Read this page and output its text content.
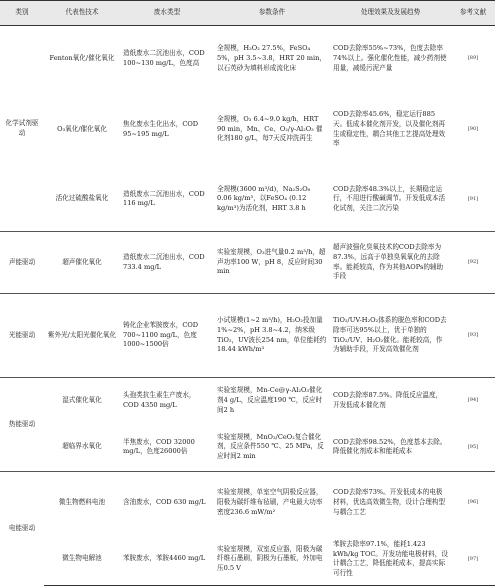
类别	代表性技术	废水类型	参数条件	处理效果及发展趋势	参考文献
化学试剂驱动	Fenton氧化/催化氧化	造纸废水二沉池出水，COD 100~130 mg/L，色度高	全规模，H₂O₂ 27.5%，FeSO₄ 5%，pH 3.5~3.8，HRT 20 min，以石英砂为填料形成流化床	COD去除率55%~73%，色度去除率74%以上。强化催化性能，减少药剂使用量，减缓污泥产量	[89]
	O₃氧化/催化氧化	焦化废水生化出水，COD 95~195 mg/L	全规模，O₃ 6.4~9.0 kg/h，HRT 90 min，Mn、Ce、O₂/γ-Al₂O₃ 催化剂180 g/L，每7天反冲洗再生	COD去除率45.6%，稳定运行885天。低成本催化剂开发，以及催化剂再生或稳定性，耦合其他工艺提高处理效率	[90]
	活化过硫酸盐氧化	造纸废水二沉池出水，COD 116 mg/L	全规模(3600 m³/d)，Na₂S₂O₈ 0.06 kg/m³，以FeSO₄ (0.12 kg/m³)为活化剂，HRT 3.8 h	COD去除率48.3%以上，长期稳定运行，不用进行酸碱调节。开发低成本活化试剂，关注二次污染	[91]
声能驱动	超声催化氧化	造纸废水二沉池出水，COD 733.4 mg/L	实验室规模，O₃进气量0.2 m³/h，超声功率100 W，pH 8，反应时间30 min	超声波强化臭氧技术的COD去除率为87.3%，远高于单独臭氧氧化的去除率。能耗较高，作为其他AOPs的辅助手段	[92]
光能驱动	紫外光/太阳光催化氧化	铸化企业苯胺废水，COD 700~1100 mg/L，色度1000~1500倍	小试规模(1~2 m³/h)，H₂O₂投加量1%~2%，pH 3.8~4.2，纳米级TiO₂，UV波长254 nm，单位能耗约18.44 kWh/m³	TiO₂/UV-H₂O₂体系的脱色率和COD去除率可达95%以上，优于单独的TiO₂/UV、H₂O₂催化。能耗较高，作为辅助手段，开发高效催化剂	[93]
热能驱动	湿式催化氧化	头孢类抗生素生产废水，COD 4350 mg/L	实验室规模，Mn-Ce@γ-Al₂O₃催化剂4 g/L，反应温度190 ℃，反应时间2 h	COD去除率87.5%。降低反应温度，开发低成本催化剂	[94]
	超临界水氧化	半焦废水，COD 32000 mg/L，色度26000倍	实验室规模，MnO₂/CeO₂复合催化剂，反应条件550 ℃、25 MPa，反应时间2 min	COD去除率98.52%，色度基本去除。降低催化剂成本和能耗成本	[95]
电能驱动	微生物燃料电池	含油废水，COD 630 mg/L	实验室规模，单室空气阴极反应器，阳极为碳纤维布毡刷，产电最大功率密度236.6 mW/m²	COD去除率73%。开发低成本的电极材料，优选高效微生物，设计合理构型与耦合工艺	[96]
	微生物电解池	苯胺废水，苯胺4460 mg/L	实验室规模，双室反应器，阳极为碳纤维石墨刷，阴极为石墨板，外加电压0.5 V	苯胺去除率97.1%，能耗1.423 kWh/kg TOC。开发功能电极材料，设计耦合工艺，降低能耗成本，提高实际可行性	[97]
